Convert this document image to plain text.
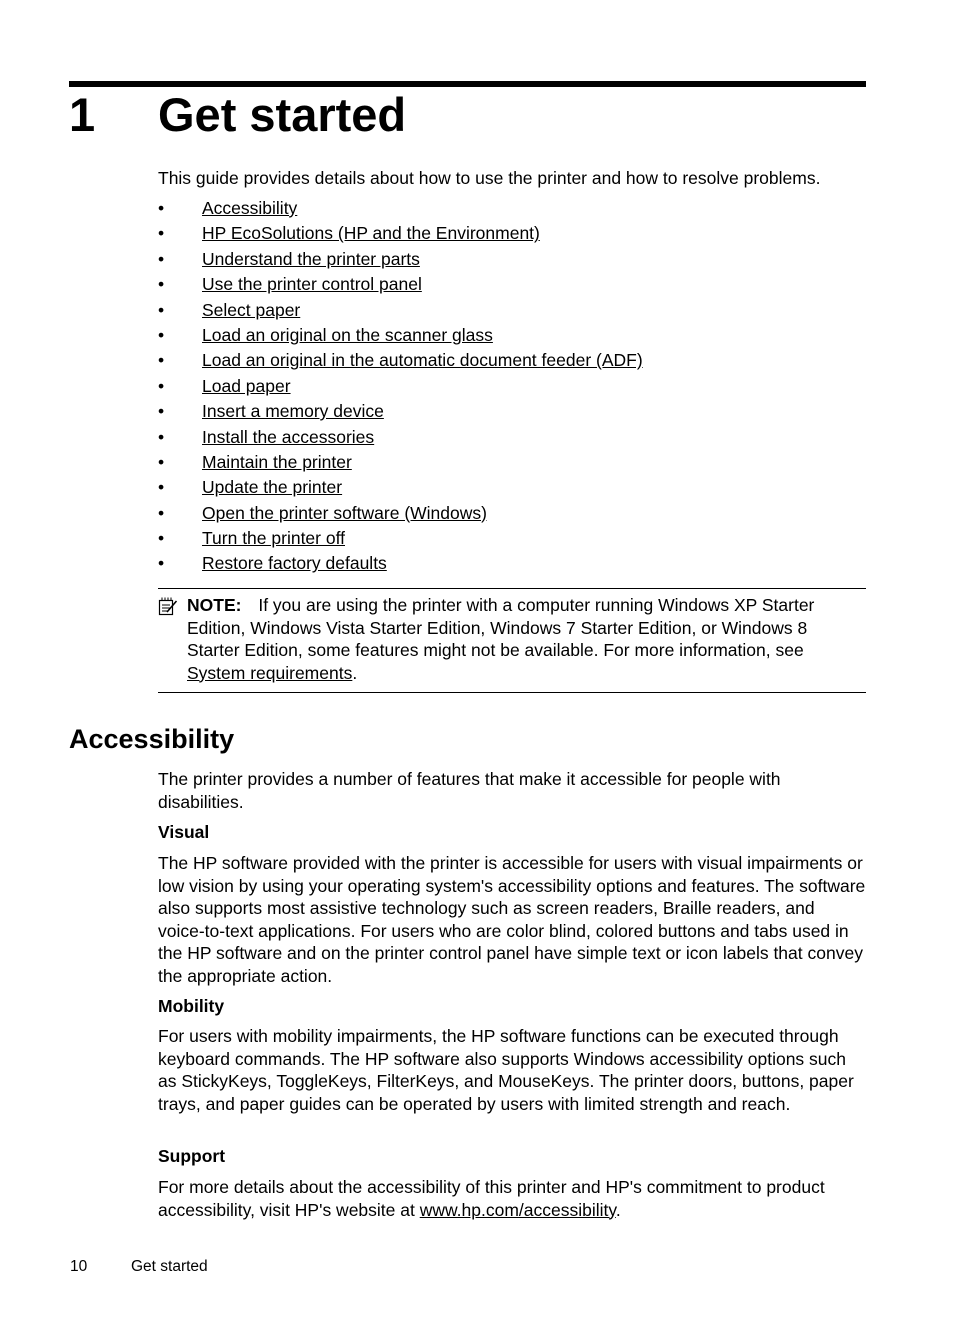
1 Get started

This guide provides details about how to use the printer and how to resolve problems.

• Accessibility
• HP EcoSolutions (HP and the Environment)
• Understand the printer parts
• Use the printer control panel
• Select paper
• Load an original on the scanner glass
• Load an original in the automatic document feeder (ADF)
• Load paper
• Insert a memory device
• Install the accessories
• Maintain the printer
• Update the printer
• Open the printer software (Windows)
• Turn the printer off
• Restore factory defaults

NOTE: If you are using the printer with a computer running Windows XP Starter Edition, Windows Vista Starter Edition, Windows 7 Starter Edition, or Windows 8 Starter Edition, some features might not be available. For more information, see System requirements.

Accessibility

The printer provides a number of features that make it accessible for people with disabilities.

Visual

The HP software provided with the printer is accessible for users with visual impairments or low vision by using your operating system's accessibility options and features. The software also supports most assistive technology such as screen readers, Braille readers, and voice-to-text applications. For users who are color blind, colored buttons and tabs used in the HP software and on the printer control panel have simple text or icon labels that convey the appropriate action.

Mobility

For users with mobility impairments, the HP software functions can be executed through keyboard commands. The HP software also supports Windows accessibility options such as StickyKeys, ToggleKeys, FilterKeys, and MouseKeys. The printer doors, buttons, paper trays, and paper guides can be operated by users with limited strength and reach.

Support

For more details about the accessibility of this printer and HP's commitment to product accessibility, visit HP's website at www.hp.com/accessibility.

10	Get started
